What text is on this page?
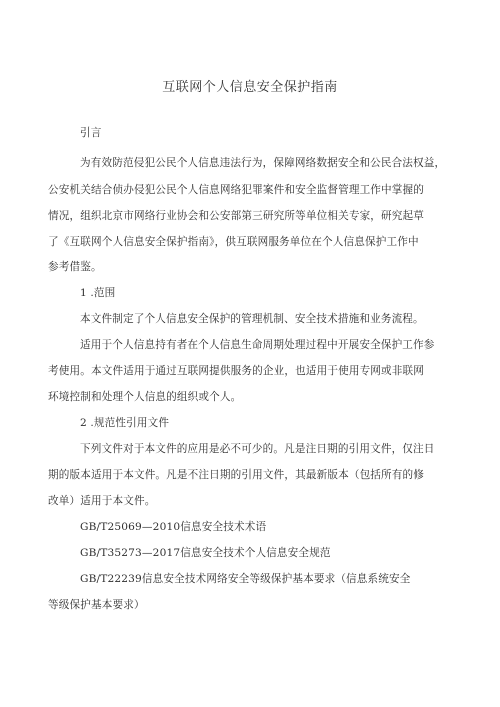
互联网个人信息安全保护指南
引言
为有效防范侵犯公民个人信息违法行为，保障网络数据安全和公民合法权益，
公安机关结合侦办侵犯公民个人信息网络犯罪案件和安全监督管理工作中掌握的
情况，组织北京市网络行业协会和公安部第三研究所等单位相关专家，研究起草
了《互联网个人信息安全保护指南》，供互联网服务单位在个人信息保护工作中
参考借鉴。
1 .范围
本文件制定了个人信息安全保护的管理机制、安全技术措施和业务流程。
适用于个人信息持有者在个人信息生命周期处理过程中开展安全保护工作参
考使用。本文件适用于通过互联网提供服务的企业，也适用于使用专网或非联网
环境控制和处理个人信息的组织或个人。
2 .规范性引用文件
下列文件对于本文件的应用是必不可少的。凡是注日期的引用文件，仅注日
期的版本适用于本文件。凡是不注日期的引用文件，其最新版本（包括所有的修
改单）适用于本文件。
GB/T25069—2010信息安全技术术语
GB/T35273—2017信息安全技术个人信息安全规范
GB/T22239信息安全技术网络安全等级保护基本要求（信息系统安全
等级保护基本要求）
